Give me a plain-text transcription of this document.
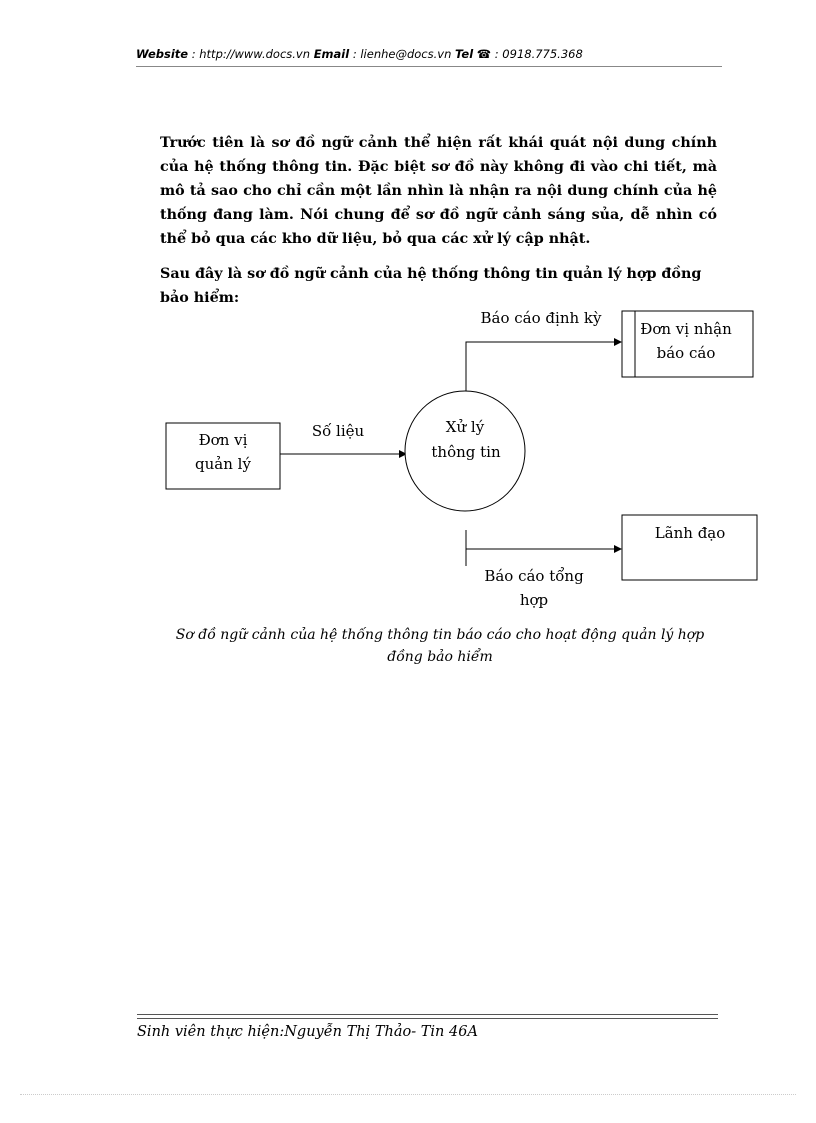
Website : http://www.docs.vn Email : lienhe@docs.vn Tel ☎ : 0918.775.368
Trước tiên là sơ đồ ngữ cảnh thể hiện rất khái quát nội dung chính của hệ thống thông tin. Đặc biệt sơ đồ này không đi vào chi tiết, mà mô tả sao cho chỉ cần một lần nhìn là nhận ra nội dung chính của hệ thống đang làm. Nói chung để sơ đồ ngữ cảnh sáng sủa, dễ nhìn có thể bỏ qua các kho dữ liệu, bỏ qua các xử lý cập nhật.
Sau đây là sơ đồ ngữ cảnh của hệ thống thông tin quản lý hợp đồng bảo hiểm:
Đơn vị
quản lý
Số liệu	Xử lý
thông tin
Báo cáo định kỳ
Đơn vị nhận
báo cáo
Báo cáo tổng
hợp
Lãnh đạo
Sơ đồ ngữ cảnh của hệ thống thông tin báo cáo cho hoạt động quản lý hợp
đồng bảo hiểm
Sinh viên thực hiện:Nguyễn Thị Thảo- Tin 46A
